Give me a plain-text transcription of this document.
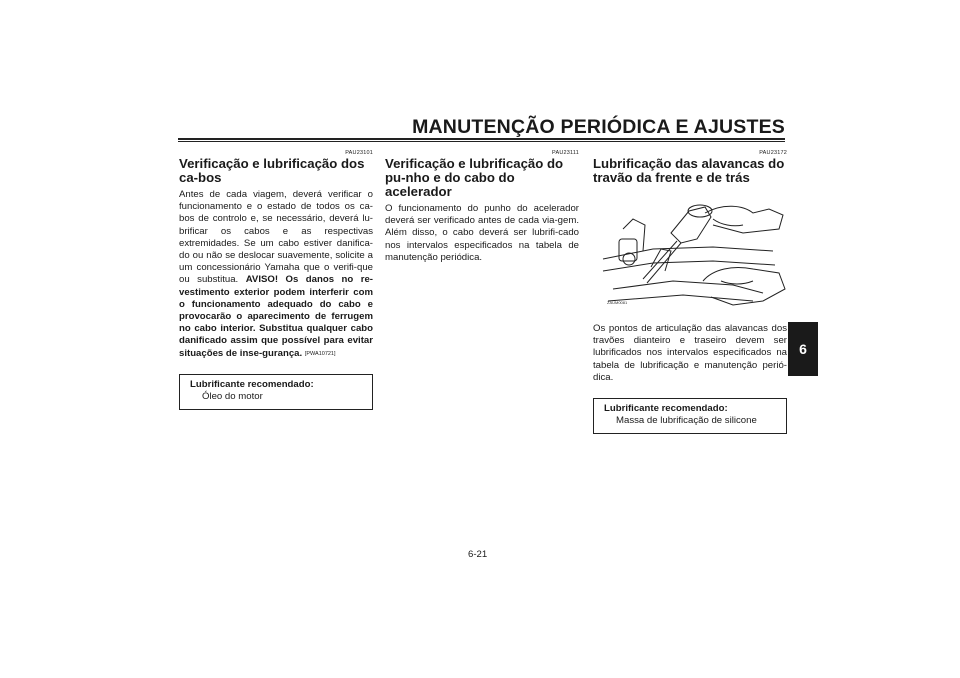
MANUTENÇÃO PERIÓDICA E AJUSTES
6
PAU23101
Verificação e lubrificação dos ca-bos

Antes de cada viagem, deverá verificar o funcionamento e o estado de todos os ca-bos de controlo e, se necessário, deverá lu-brificar os cabos e as respectivas extremidades. Se um cabo estiver danifica-do ou não se deslocar suavemente, solicite a um concessionário Yamaha que o verifi-que ou substitua. AVISO! Os danos no re-vestimento exterior podem interferir com o funcionamento adequado do cabo e provocarão o aparecimento de ferrugem no cabo interior. Substitua qualquer cabo danificado assim que possível para evitar situações de inse-gurança. [PWA10721]

Lubrificante recomendado:
Óleo do motor
PAU23111
Verificação e lubrificação do pu-nho e do cabo do acelerador

O funcionamento do punho do acelerador deverá ser verificado antes de cada via-gem. Além disso, o cabo deverá ser lubrifi-cado nos intervalos especificados na tabela de manutenção periódica.

PAU23172
Lubrificação das alavancas do travão da frente e de trás
ZAUM0081

Os pontos de articulação das alavancas dos travões dianteiro e traseiro devem ser lubrificados nos intervalos especificados na tabela de lubrificação e manutenção perió-dica.

Lubrificante recomendado:
Massa de lubrificação de silicone
6-21
